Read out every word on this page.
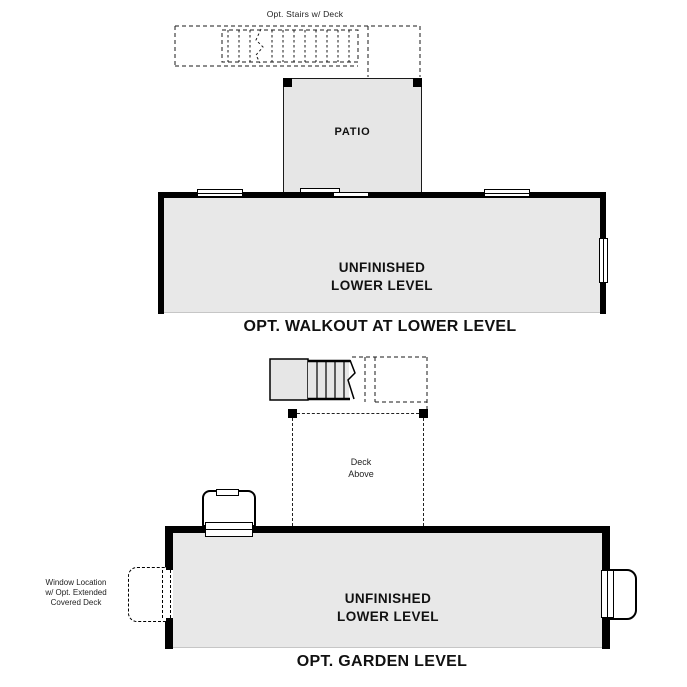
Opt. Stairs w/ Deck
PATIO
UNFINISHED
LOWER LEVEL
OPT. WALKOUT AT LOWER LEVEL
Deck
Above
Window Location
w/ Opt. Extended
Covered Deck	UNFINISHED
LOWER LEVEL
OPT. GARDEN LEVEL
